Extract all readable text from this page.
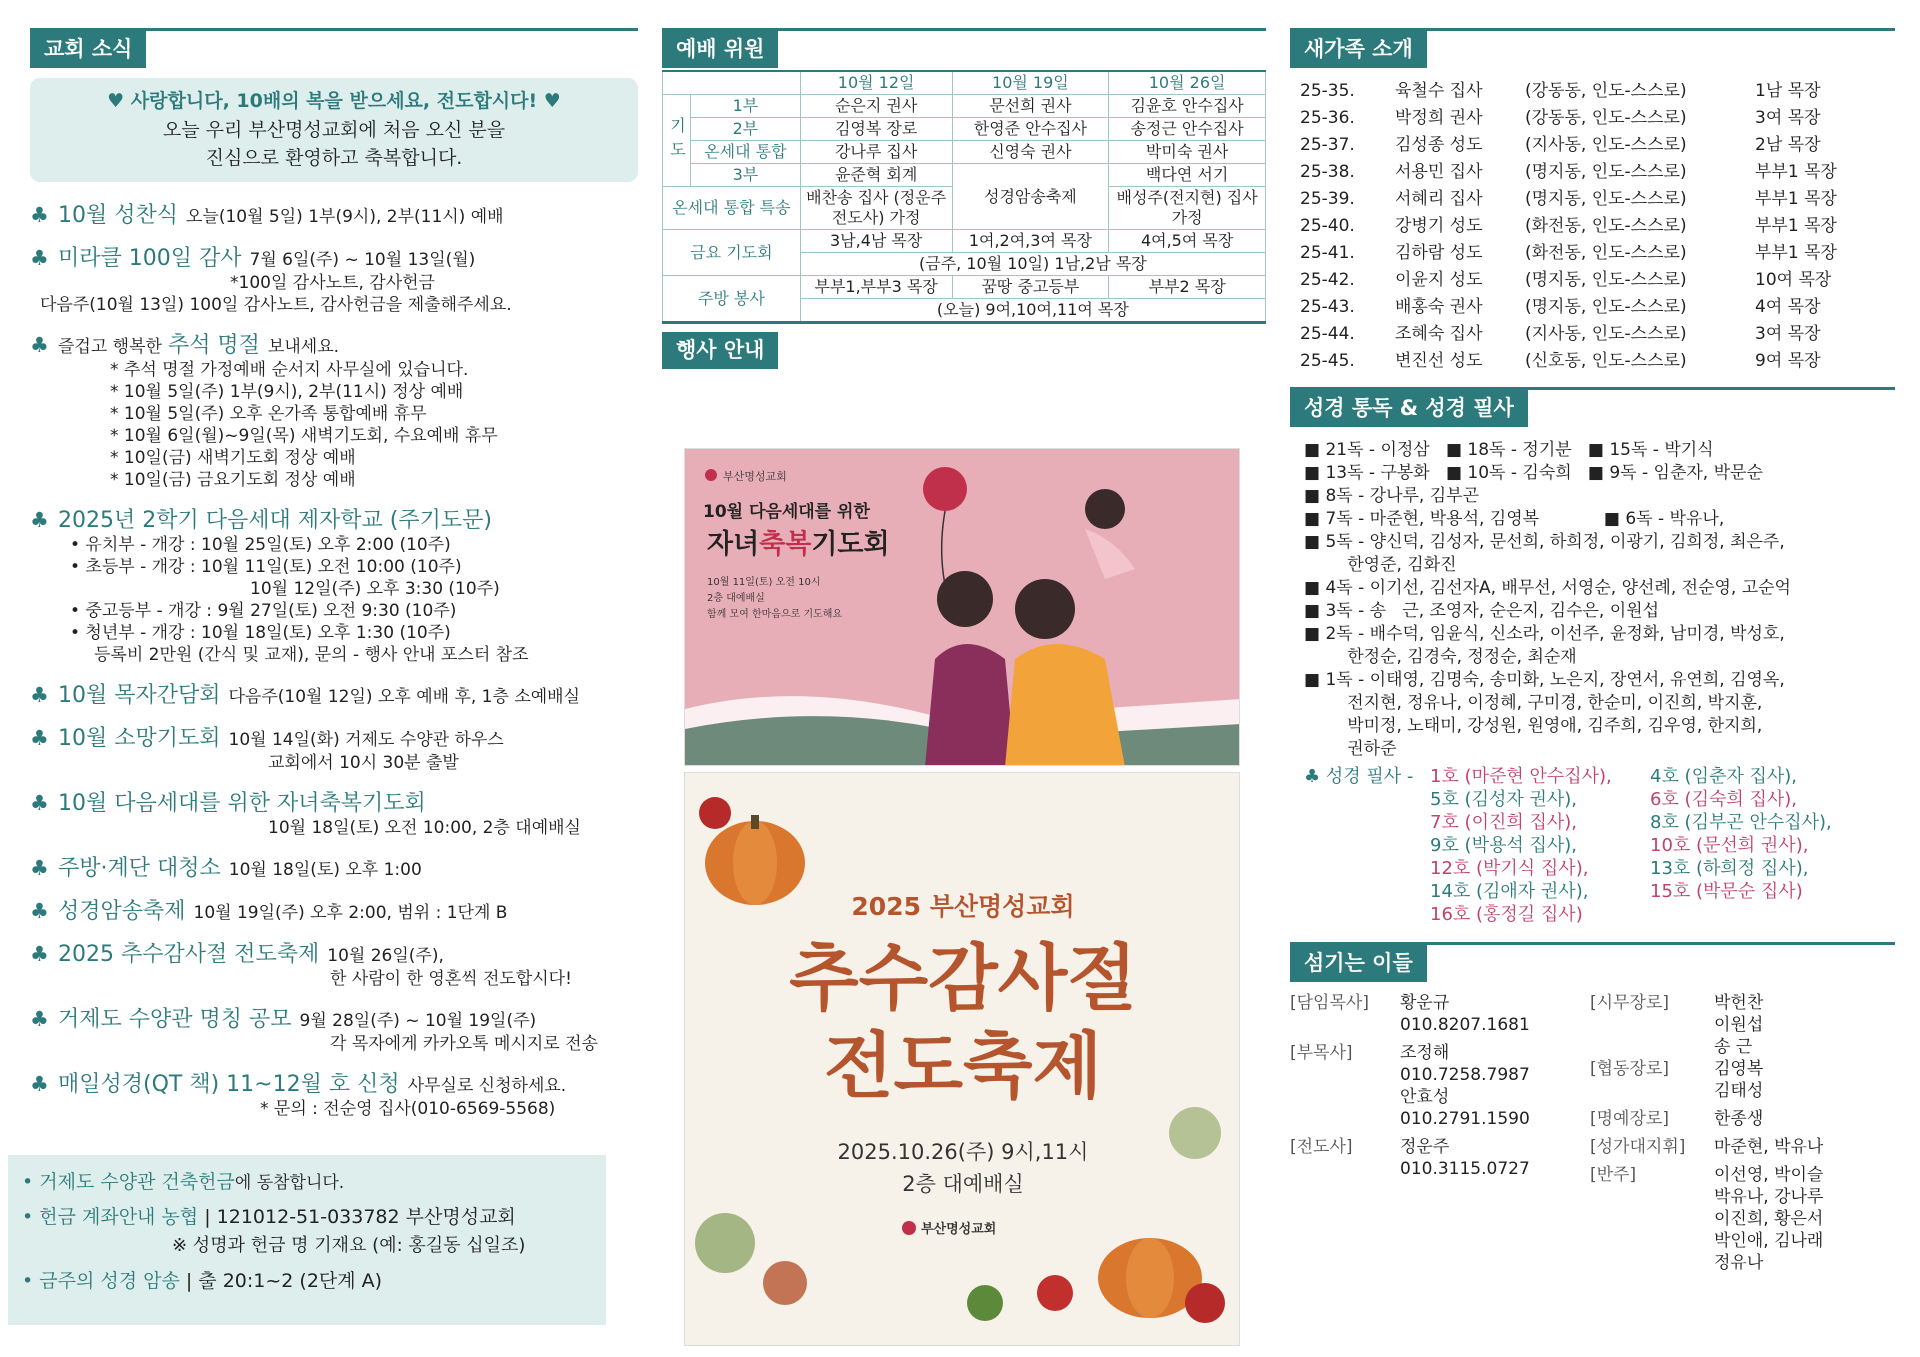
교회 소식
♥ 사랑합니다, 10배의 복을 받으세요, 전도합시다! ♥
오늘 우리 부산명성교회에 처음 오신 분을
진심으로 환영하고 축복합니다.
♣ 10월 성찬식 오늘(10월 5일) 1부(9시), 2부(11시) 예배
♣ 미라클 100일 감사 7월 6일(주) ~ 10월 13일(월)
*100일 감사노트, 감사헌금
다음주(10월 13일) 100일 감사노트, 감사헌금을 제출해주세요.
♣ 즐겁고 행복한 추석 명절 보내세요.
* 추석 명절 가정예배 순서지 사무실에 있습니다.
* 10월 5일(주) 1부(9시), 2부(11시) 정상 예배
* 10월 5일(주) 오후 온가족 통합예배 휴무
* 10월 6일(월)~9일(목) 새벽기도회, 수요예배 휴무
* 10일(금) 새벽기도회 정상 예배
* 10일(금) 금요기도회 정상 예배
♣ 2025년 2학기 다음세대 제자학교 (주기도문)
• 유치부 - 개강 : 10월 25일(토) 오후 2:00 (10주)
• 초등부 - 개강 : 10월 11일(토) 오전 10:00 (10주)
10월 12일(주) 오후 3:30 (10주)
• 중고등부 - 개강 : 9월 27일(토) 오전 9:30 (10주)
• 청년부 - 개강 : 10월 18일(토) 오후 1:30 (10주)
등록비 2만원 (간식 및 교재), 문의 - 행사 안내 포스터 참조
♣ 10월 목자간담회 다음주(10월 12일) 오후 예배 후, 1층 소예배실
♣ 10월 소망기도회 10월 14일(화) 거제도 수양관 하우스
교회에서 10시 30분 출발
♣ 10월 다음세대를 위한 자녀축복기도회
10월 18일(토) 오전 10:00, 2층 대예배실
♣ 주방·계단 대청소 10월 18일(토) 오후 1:00
♣ 성경암송축제 10월 19일(주) 오후 2:00, 범위 : 1단계 B
♣ 2025 추수감사절 전도축제 10월 26일(주),
한 사람이 한 영혼씩 전도합시다!
♣ 거제도 수양관 명칭 공모 9월 28일(주) ~ 10월 19일(주)
각 목자에게 카카오톡 메시지로 전송
♣ 매일성경(QT 책) 11~12월 호 신청 사무실로 신청하세요.
* 문의 : 전순영 집사(010-6569-5568)
• 거제도 수양관 건축헌금에 동참합니다.
• 헌금 계좌안내 농협 | 121012-51-033782 부산명성교회
※ 성명과 헌금 명 기재요 (예: 홍길동 십일조)
• 금주의 성경 암송 | 출 20:1~2 (2단계 A)
예배 위원
		10월 12일	10월 19일	10월 26일
기도	1부	순은지 권사	문선희 권사	김윤호 안수집사
	2부	김영복 장로	한영준 안수집사	송정근 안수집사
	온세대 통합	강나루 집사	신영숙 권사	박미숙 권사
	3부	윤준혁 회계	성경암송축제	백다연 서기
온세대 통합 특송		배찬송 집사 (정운주 전도사) 가정		배성주(전지현) 집사 가정
금요 기도회		3남,4남 목장	1여,2여,3여 목장	4여,5여 목장
		(금주, 10월 10일) 1남,2남 목장		
주방 봉사		부부1,부부3 목장	꿈땅 중고등부	부부2 목장
		(오늘) 9여,10여,11여 목장		
행사 안내
부산명성교회
10월 다음세대를 위한
자녀축복기도회
10월 11일(토) 오전 10시
2층 대예배실
함께 모여 한마음으로 기도해요
2025 부산명성교회
추수감사절
전도축제
2025.10.26(주) 9시,11시
2층 대예배실
부산명성교회
새가족 소개
25-35.	육철수 집사	(강동동, 인도-스스로)	1남 목장
25-36.	박정희 권사	(강동동, 인도-스스로)	3여 목장
25-37.	김성종 성도	(지사동, 인도-스스로)	2남 목장
25-38.	서용민 집사	(명지동, 인도-스스로)	부부1 목장
25-39.	서혜리 집사	(명지동, 인도-스스로)	부부1 목장
25-40.	강병기 성도	(화전동, 인도-스스로)	부부1 목장
25-41.	김하람 성도	(화전동, 인도-스스로)	부부1 목장
25-42.	이윤지 성도	(명지동, 인도-스스로)	10여 목장
25-43.	배홍숙 권사	(명지동, 인도-스스로)	4여 목장
25-44.	조혜숙 집사	(지사동, 인도-스스로)	3여 목장
25-45.	변진선 성도	(신호동, 인도-스스로)	9여 목장
성경 통독 & 성경 필사
■ 21독 - 이정삼   ■ 18독 - 정기분   ■ 15독 - 박기식
■ 13독 - 구봉화   ■ 10독 - 김숙희   ■ 9독 - 임춘자, 박문순
■ 8독 - 강나루, 김부곤
■ 7독 - 마준현, 박용석, 김영복            ■ 6독 - 박유나,
■ 5독 - 양신덕, 김성자, 문선희, 하희정, 이광기, 김희정, 최은주,
한영준, 김화진
■ 4독 - 이기선, 김선자A, 배무선, 서영순, 양선례, 전순영, 고순억
■ 3독 - 송   근, 조영자, 순은지, 김수은, 이원섭
■ 2독 - 배수덕, 임윤식, 신소라, 이선주, 윤정화, 남미경, 박성호,
한정순, 김경숙, 정정순, 최순재
■ 1독 - 이태영, 김명숙, 송미화, 노은지, 장연서, 유연희, 김영옥,
전지현, 정유나, 이정혜, 구미경, 한순미, 이진희, 박지훈,
박미정, 노태미, 강성원, 원영애, 김주희, 김우영, 한지희,
권하준
♣ 성경 필사 - 1호 (마준현 안수집사),	4호 (임춘자 집사),
5호 (김성자 권사),	6호 (김숙희 집사),
7호 (이진희 집사),	8호 (김부곤 안수집사),
9호 (박용석 집사),	10호 (문선희 권사),
12호 (박기식 집사),	13호 (하희정 집사),
14호 (김애자 권사),	15호 (박문순 집사)
16호 (홍정길 집사)
섬기는 이들
[담임목사]	황운규
010.8207.1681
[부목사]	조정해
010.7258.7987
안효성
010.2791.1590
[전도사]	정운주
010.3115.0727
[시무장로]	박헌찬
이원섭
송 근
[협동장로]	김영복
김태성
[명예장로]	한종생
[성가대지휘]	마준현, 박유나
[반주]	이선영, 박이슬
박유나, 강나루
이진희, 황은서
박인애, 김나래
정유나
